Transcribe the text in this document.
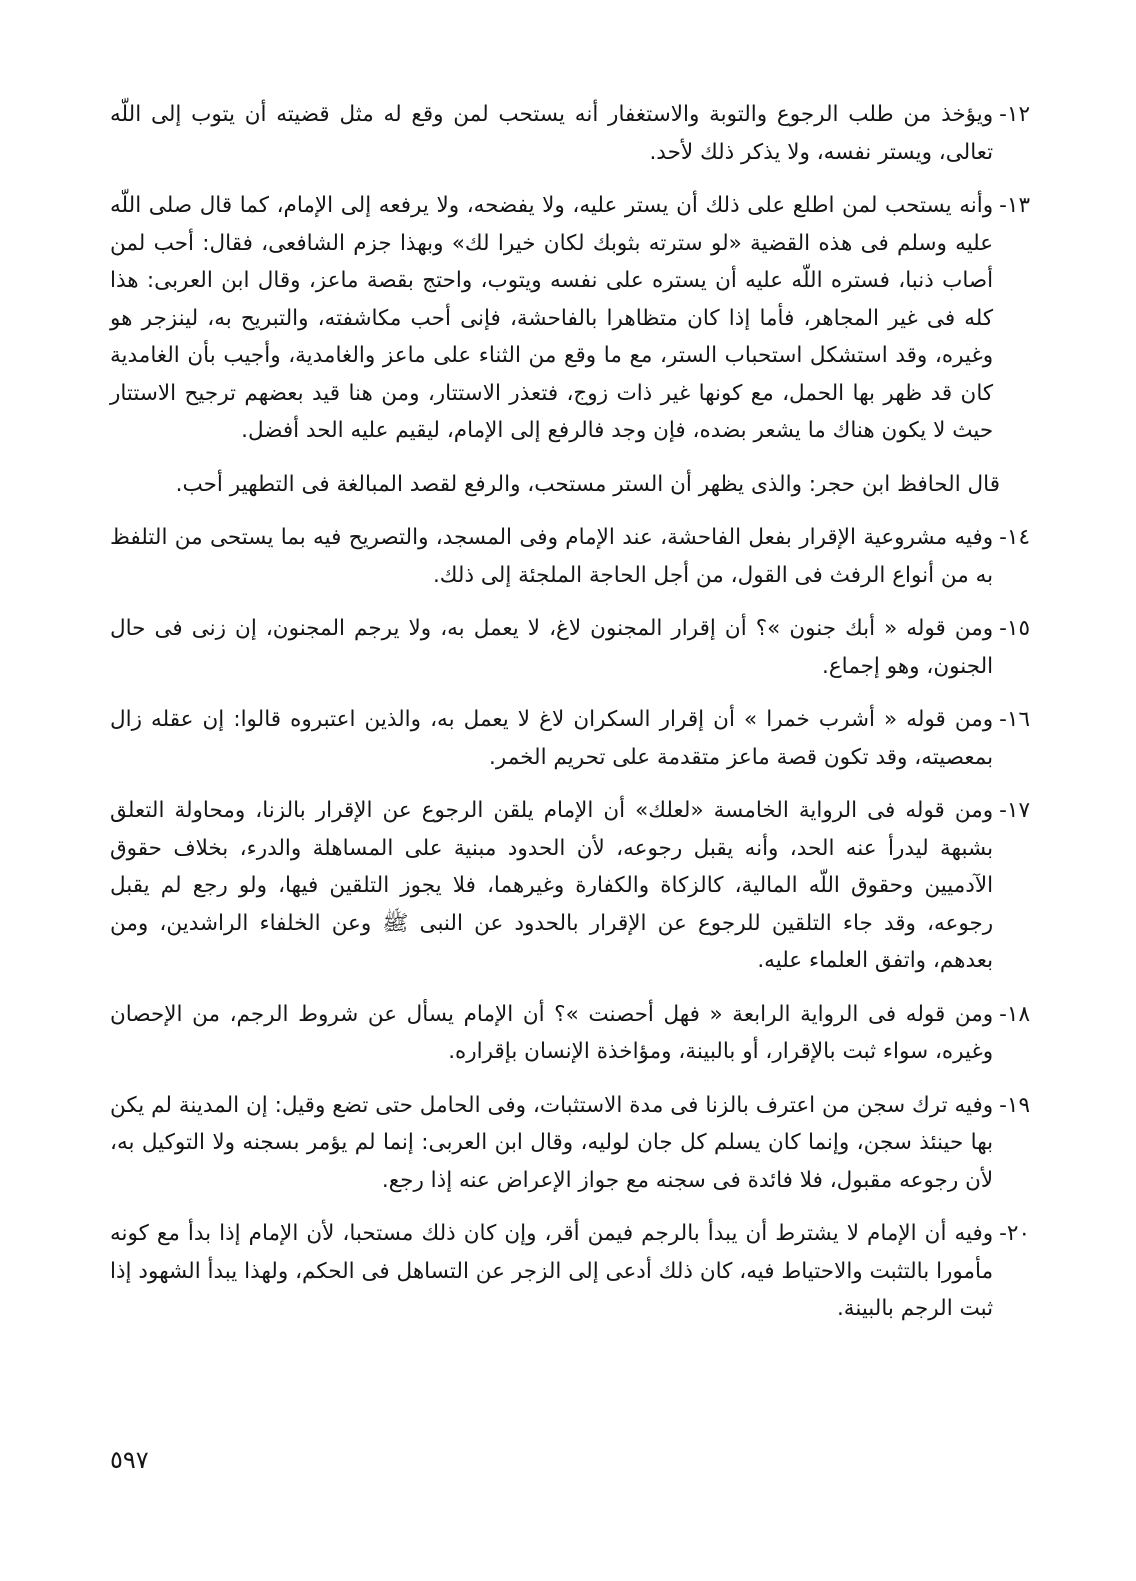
١٢-
ويؤخذ من طلب الرجوع والتوبة والاستغفار أنه يستحب لمن وقع له مثل قضيته أن يتوب إلى اللّه تعالى، ويستر نفسه، ولا يذكر ذلك لأحد.
١٣-
وأنه يستحب لمن اطلع على ذلك أن يستر عليه، ولا يفضحه، ولا يرفعه إلى الإمام، كما قال صلى اللّه عليه وسلم فى هذه القضية «لو سترته بثوبك لكان خيرا لك» وبهذا جزم الشافعى، فقال: أحب لمن أصاب ذنبا، فستره اللّه عليه أن يستره على نفسه ويتوب، واحتج بقصة ماعز، وقال ابن العربى: هذا كله فى غير المجاهر، فأما إذا كان متظاهرا بالفاحشة، فإنى أحب مكاشفته، والتبريح به، لينزجر هو وغيره، وقد استشكل استحباب الستر، مع ما وقع من الثناء على ماعز والغامدية، وأجيب بأن الغامدية كان قد ظهر بها الحمل، مع كونها غير ذات زوج، فتعذر الاستتار، ومن هنا قيد بعضهم ترجيح الاستتار حيث لا يكون هناك ما يشعر بضده، فإن وجد فالرفع إلى الإمام، ليقيم عليه الحد أفضل.
قال الحافظ ابن حجر: والذى يظهر أن الستر مستحب، والرفع لقصد المبالغة فى التطهير أحب.
١٤-
وفيه مشروعية الإقرار بفعل الفاحشة، عند الإمام وفى المسجد، والتصريح فيه بما يستحى من التلفظ به من أنواع الرفث فى القول، من أجل الحاجة الملجئة إلى ذلك.
١٥-
ومن قوله « أبك جنون »؟ أن إقرار المجنون لاغ، لا يعمل به، ولا يرجم المجنون، إن زنى فى حال الجنون، وهو إجماع.
١٦-
ومن قوله « أشرب خمرا » أن إقرار السكران لاغ لا يعمل به، والذين اعتبروه قالوا: إن عقله زال بمعصيته، وقد تكون قصة ماعز متقدمة على تحريم الخمر.
١٧-
ومن قوله فى الرواية الخامسة «لعلك» أن الإمام يلقن الرجوع عن الإقرار بالزنا، ومحاولة التعلق بشبهة ليدرأ عنه الحد، وأنه يقبل رجوعه، لأن الحدود مبنية على المساهلة والدرء، بخلاف حقوق الآدميين وحقوق اللّه المالية، كالزكاة والكفارة وغيرهما، فلا يجوز التلقين فيها، ولو رجع لم يقبل رجوعه، وقد جاء التلقين للرجوع عن الإقرار بالحدود عن النبى ﷺ وعن الخلفاء الراشدين، ومن بعدهم، واتفق العلماء عليه.
١٨-
ومن قوله فى الرواية الرابعة « فهل أحصنت »؟ أن الإمام يسأل عن شروط الرجم، من الإحصان وغيره، سواء ثبت بالإقرار، أو بالبينة، ومؤاخذة الإنسان بإقراره.
١٩-
وفيه ترك سجن من اعترف بالزنا فى مدة الاستثبات، وفى الحامل حتى تضع وقيل: إن المدينة لم يكن بها حينئذ سجن، وإنما كان يسلم كل جان لوليه، وقال ابن العربى: إنما لم يؤمر بسجنه ولا التوكيل به، لأن رجوعه مقبول، فلا فائدة فى سجنه مع جواز الإعراض عنه إذا رجع.
٢٠-
وفيه أن الإمام لا يشترط أن يبدأ بالرجم فيمن أقر، وإن كان ذلك مستحبا، لأن الإمام إذا بدأ مع كونه مأمورا بالتثبت والاحتياط فيه، كان ذلك أدعى إلى الزجر عن التساهل فى الحكم، ولهذا يبدأ الشهود إذا ثبت الرجم بالبينة.
٥٩٧
